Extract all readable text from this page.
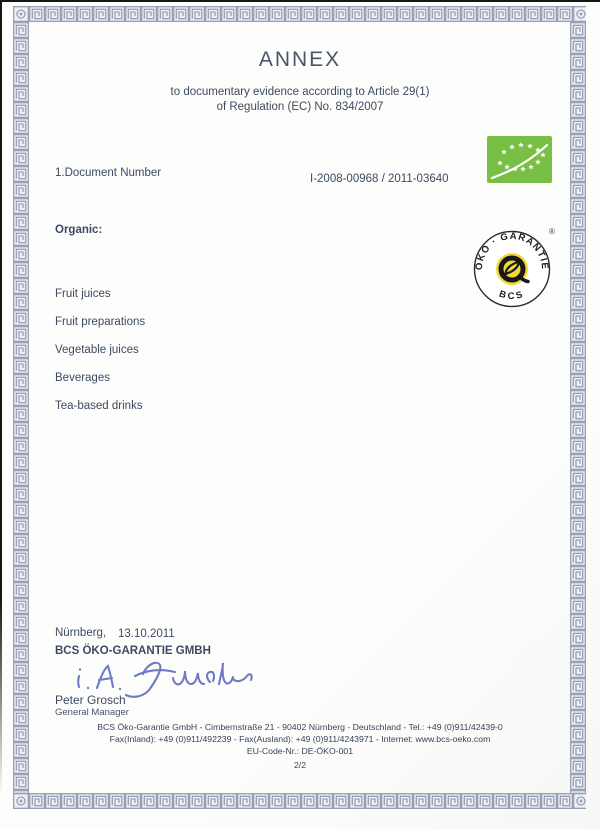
ANNEX
to documentary evidence according to Article 29(1)
of Regulation (EC) No. 834/2007
1.Document Number	I-2008-00968 / 2011-03640
Organic:
ÖKO · GARANTIE
BCS
®
Fruit juices
Fruit preparations
Vegetable juices
Beverages
Tea-based drinks
Nürnberg, 13.10.2011
BCS ÖKO-GARANTIE GMBH
Peter Grosch
General Manager
BCS Öko-Garantie GmbH - Cimbernstraße 21 - 90402 Nürnberg - Deutschland - Tel.: +49 (0)911/42439-0
Fax(Inland): +49 (0)911/492239 - Fax(Ausland): +49 (0)911/4243971 - Internet: www.bcs-oeko.com
EU-Code-Nr.: DE-ÖKO-001
2/2
